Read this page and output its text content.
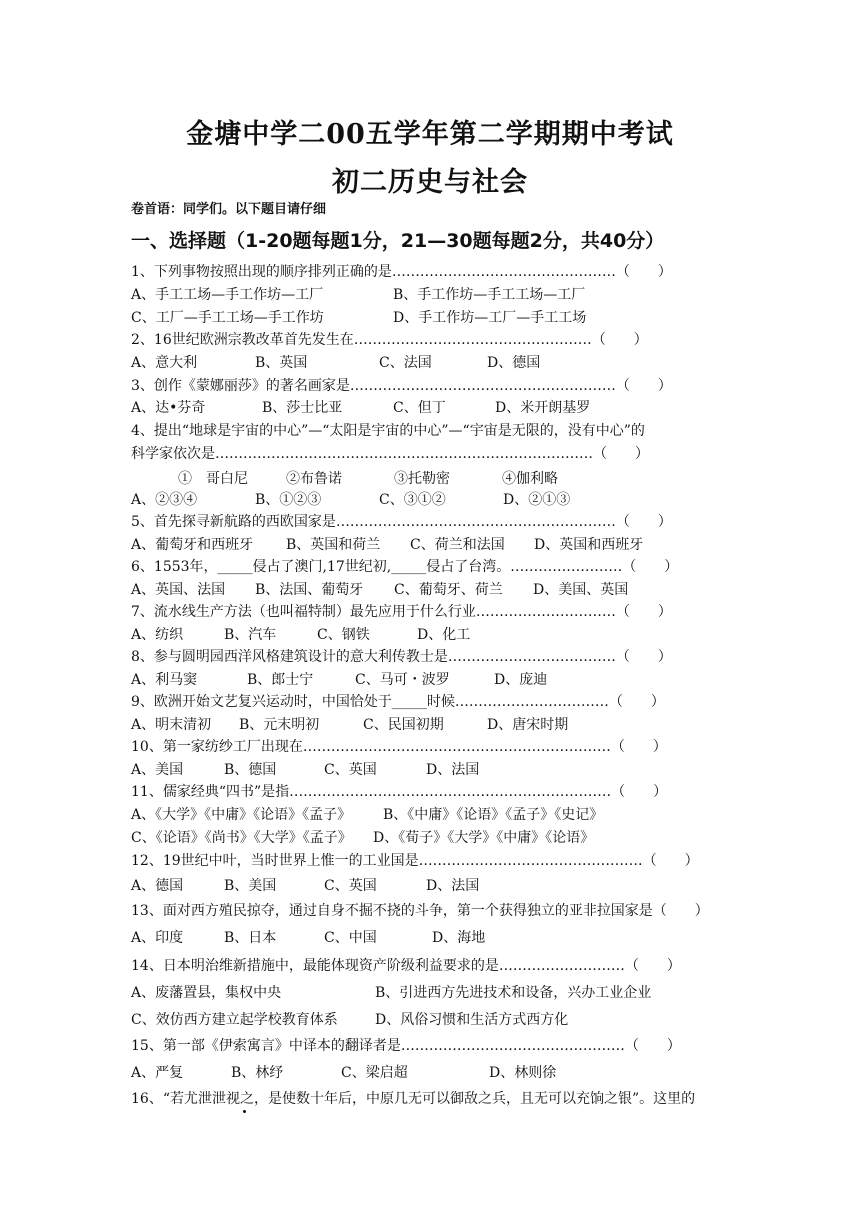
金塘中学二00五学年第二学期期中考试
初二历史与社会
卷首语：同学们。以下题目请仔细
一、选择题（1-20题每题1分，21—30题每题2分，共40分）
1、下列事物按照出现的顺序排列正确的是…………………………………………（　　）
A、手工工场—手工作坊—工厂	B、手工作坊—手工工场—工厂
C、工厂—手工工场—手工作坊	D、手工作坊—工厂—手工工场
2、16世纪欧洲宗教改革首先发生在……………………………………………（　　）
A、意大利	B、英国	C、法国	D、德国
3、创作《蒙娜丽莎》的著名画家是…………………………………………………（　　）
A、达•芬奇	B、莎士比亚	C、但丁	D、米开朗基罗
4、提出“地球是宇宙的中心”—“太阳是宇宙的中心”—“宇宙是无限的，没有中心”的
科学家依次是………………………………………………………………………（　　）
①　哥白尼	②布鲁诺	③托勒密	④伽利略
A、②③④	B、①②③	C、③①②	D、②①③
5、首先探寻新航路的西欧国家是……………………………………………………（　　）
A、葡萄牙和西班牙 B、英国和荷兰 C、荷兰和法国 D、英国和西班牙
6、1553年，_____侵占了澳门,17世纪初,_____侵占了台湾。……………………（　　）
A、英国、法国 B、法国、葡萄牙 C、葡萄牙、荷兰 D、美国、英国
7、流水线生产方法（也叫福特制）最先应用于什么行业…………………………（　　）
A、纺织	B、汽车	C、钢铁	D、化工
8、参与圆明园西洋风格建筑设计的意大利传教士是………………………………（　　）
A、利马窦	B、郎士宁	C、马可・波罗	D、庞迪
9、欧洲开始文艺复兴运动时，中国恰处于_____时候……………………………（　　）
A、明末清初 B、元末明初	C、民国初期	D、唐宋时期
10、第一家纺纱工厂出现在…………………………………………………………（　　）
A、美国	B、德国	C、英国	D、法国
11、儒家经典“四书”是指……………………………………………………………（　　）
A、《大学》《中庸》《论语》《孟子》 B、《中庸》《论语》《孟子》《史记》
C、《论语》《尚书》《大学》《孟子》 D、《荀子》《大学》《中庸》《论语》
12、19世纪中叶，当时世界上惟一的工业国是…………………………………………（　　）
A、德国	B、美国	C、英国	D、法国
13、面对西方殖民掠夺，通过自身不掘不挠的斗争，第一个获得独立的亚非拉国家是（　　）
A、印度	B、日本	C、中国	D、海地
14、日本明治维新措施中，最能体现资产阶级利益要求的是………………………（　　）
A、废藩置县，集权中央	B、引进西方先进技术和设备，兴办工业企业
C、效仿西方建立起学校教育体系	D、风俗习惯和生活方式西方化
15、第一部《伊索寓言》中译本的翻译者是…………………………………………（　　）
A、严复	B、林纾	C、梁启超	D、林则徐
16、“若尤泄泄视之，是使数十年后，中原几无可以御敌之兵，且无可以充饷之银”。这里的
